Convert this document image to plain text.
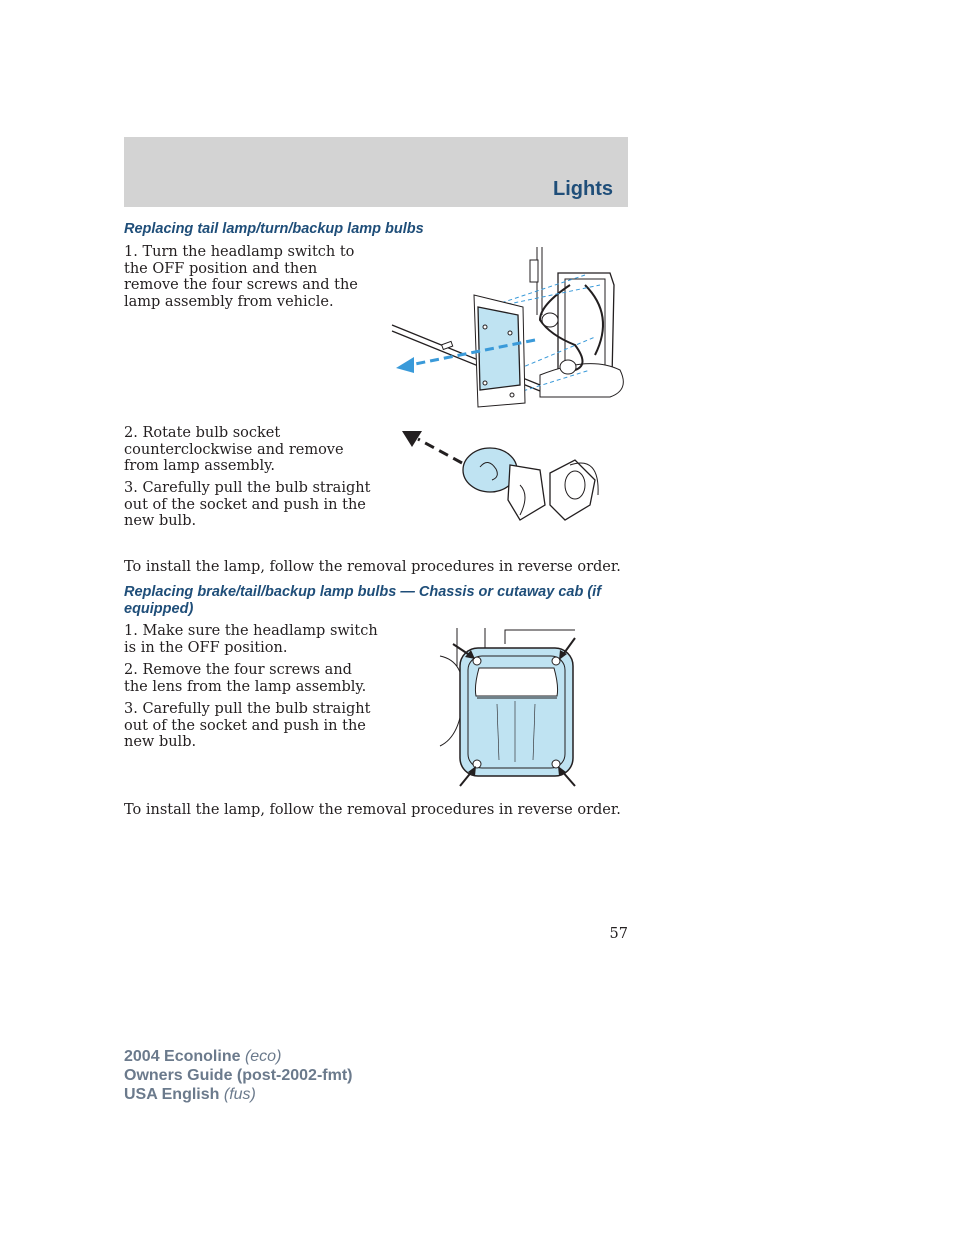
Lights
Replacing tail lamp/turn/backup lamp bulbs
1. Turn the headlamp switch to the OFF position and then remove the four screws and the lamp assembly from vehicle.
2. Rotate bulb socket counterclockwise and remove from lamp assembly.
3. Carefully pull the bulb straight out of the socket and push in the new bulb.
To install the lamp, follow the removal procedures in reverse order.
Replacing brake/tail/backup lamp bulbs — Chassis or cutaway cab (if equipped)
1. Make sure the headlamp switch is in the OFF position.
2. Remove the four screws and the lens from the lamp assembly.
3. Carefully pull the bulb straight out of the socket and push in the new bulb.
To install the lamp, follow the removal procedures in reverse order.
57
2004 Econoline (eco)
Owners Guide (post-2002-fmt)
USA English (fus)
